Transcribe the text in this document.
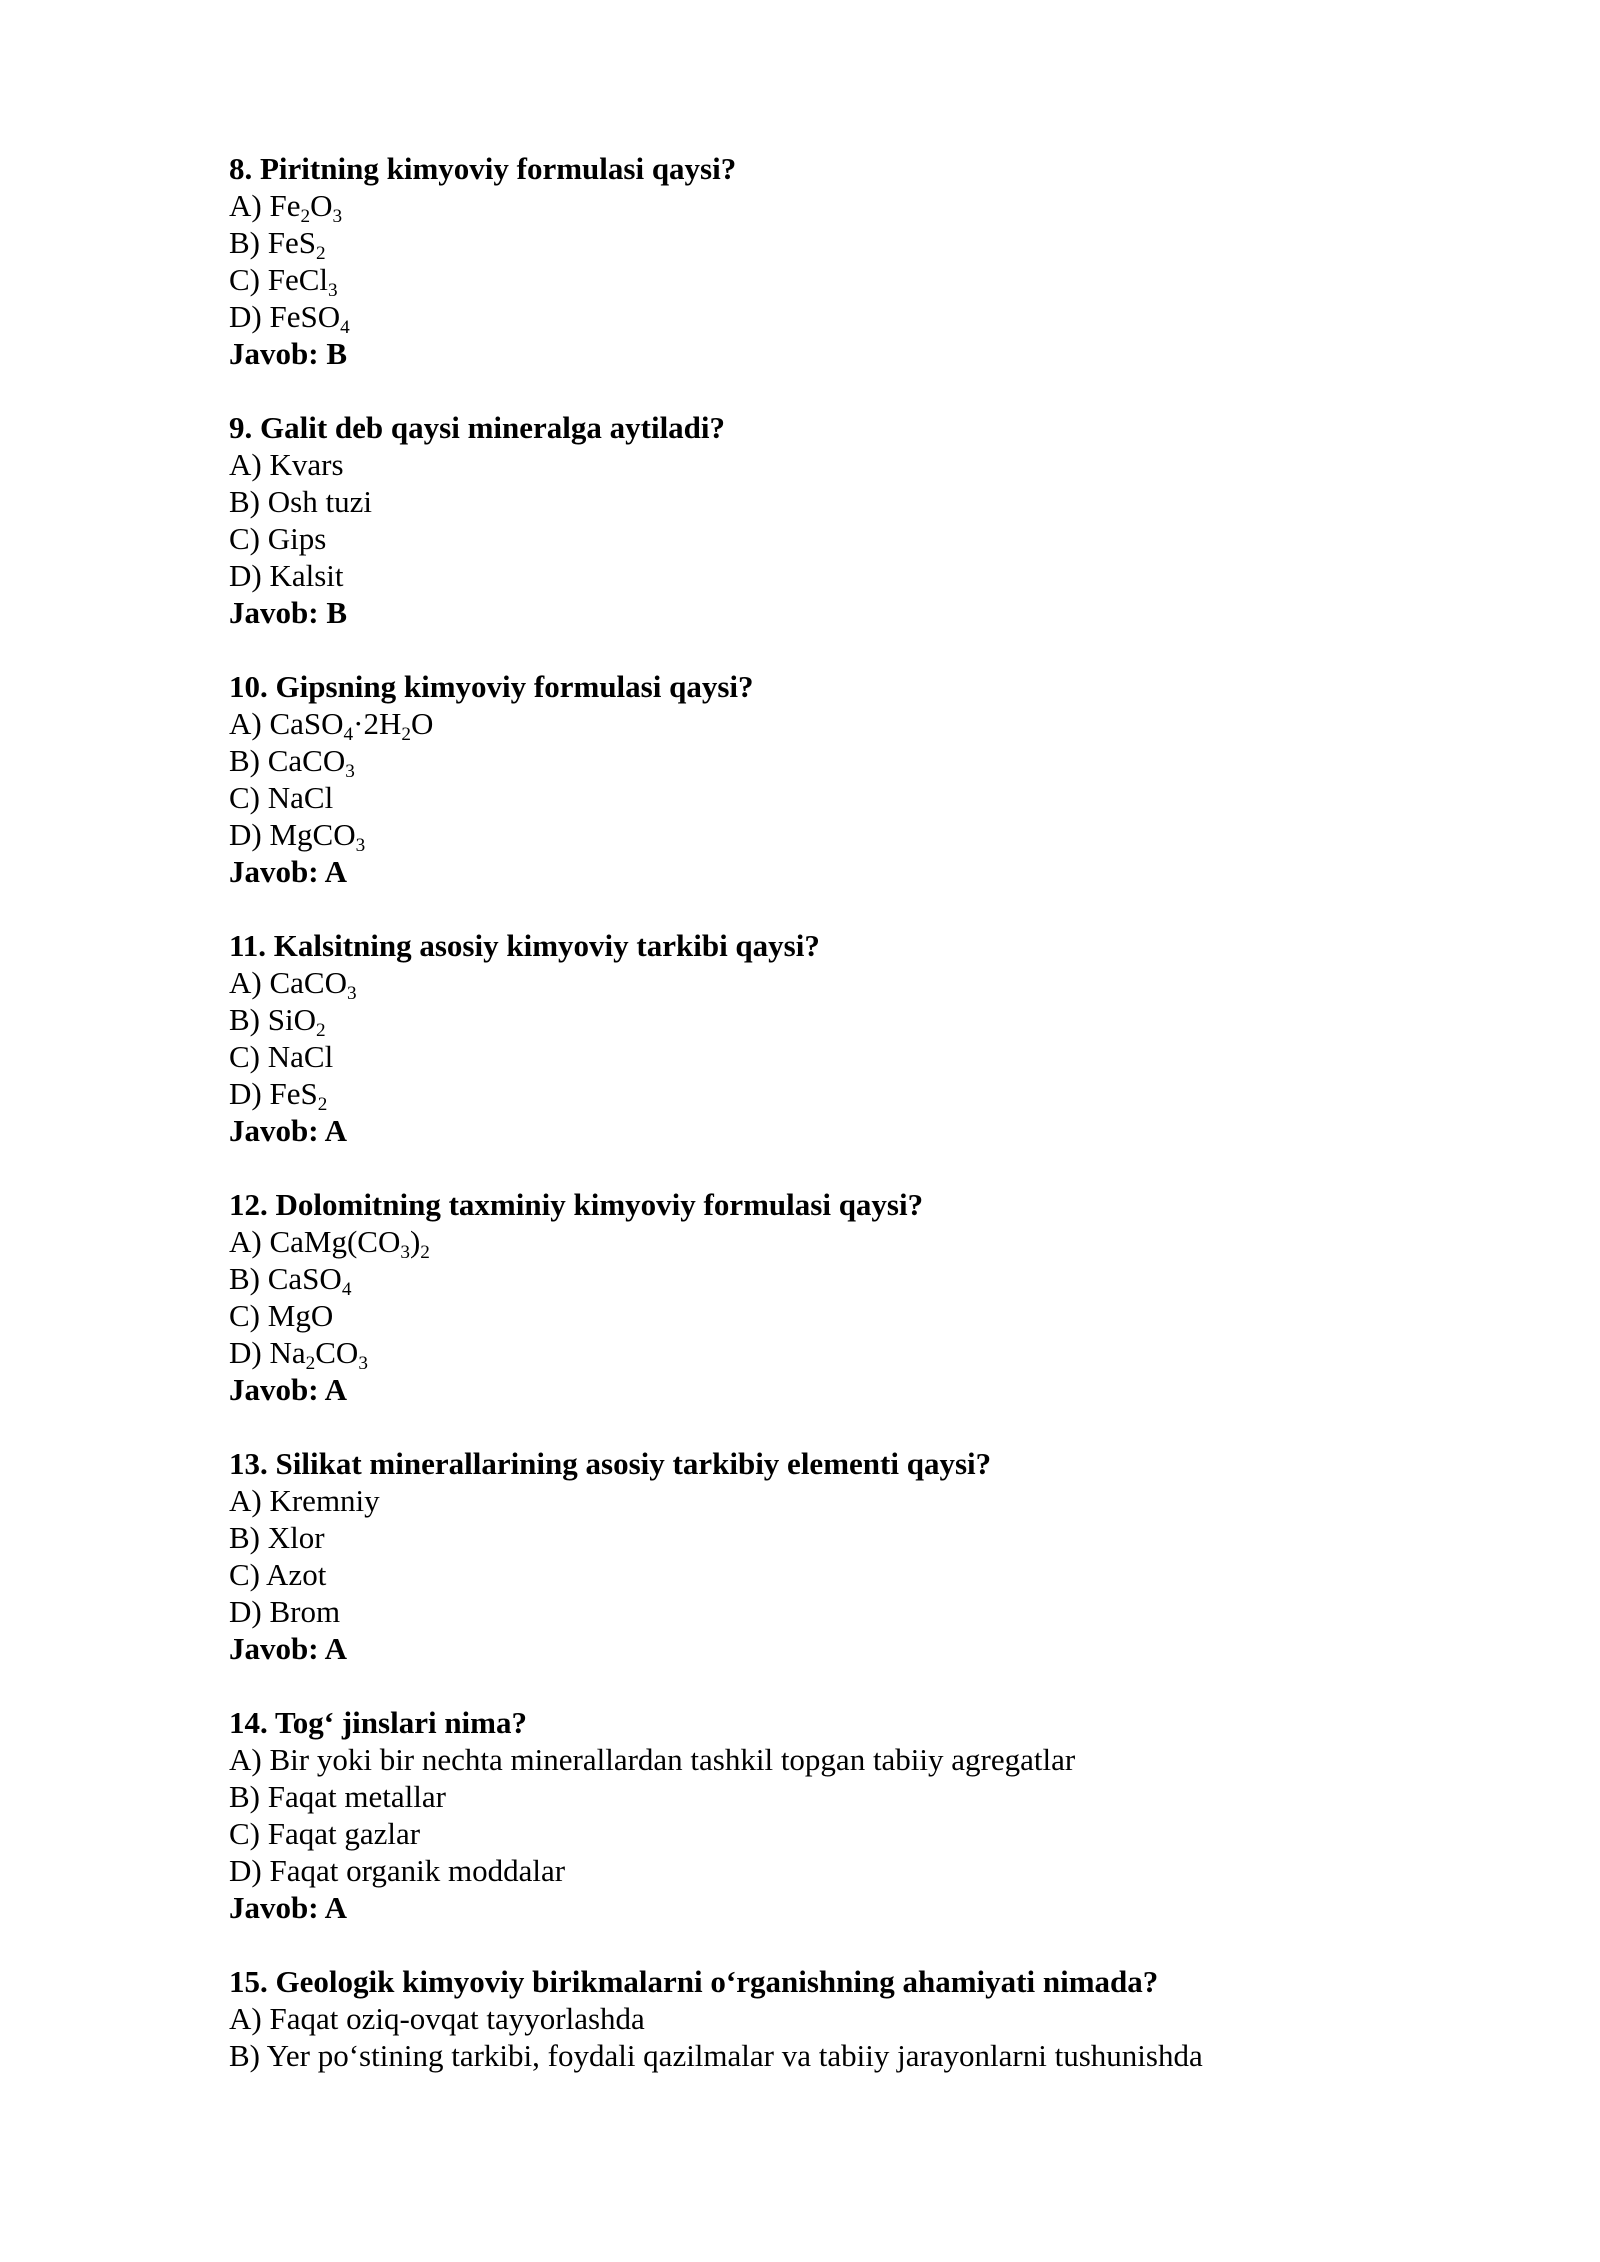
8. Piritning kimyoviy formulasi qaysi?

A) $Fe_2O_3$

B) FeS$_2$

C) FeCl$_3$

D) FeSO$_4$

Javob: B

9. Galit deb qaysi mineralga aytiladi?

A) Kvars

B) Osh tuzi

C) Gips

D) Kalsit

Javob: B

10. Gipsning kimyoviy formulasi qaysi?

A) $CaSO_4\cdot 2H_2O$

B) CaCO$_3$

C) NaCl

D) MgCO$_3$

Javob: A

11. Kalsitning asosiy kimyoviy tarkibi qaysi?

A) CaCO$_3$

B) SiO$_2$

C) NaCl

D) FeS$_2$

Javob: A

12. Dolomitning taxminiy kimyoviy formulasi qaysi?

A) $CaMg(CO_3)_2$

B) CaSO$_4$

C) MgO

D) $Na_2CO_3$

Javob: A

13. Silikat minerallarining asosiy tarkibiy elementi qaysi?

A) Kremniy

B) Xlor

C) Azot

D) Brom

Javob: A

14. Tog‘ jinslari nima?

A) Bir yoki bir nechta minerallardan tashkil topgan tabiiy agregatlar

B) Faqat metallar

C) Faqat gazlar

D) Faqat organik moddalar

Javob: A

15. Geologik kimyoviy birikmalarni o‘rganishning ahamiyati nimada?

A) Faqat oziq-ovqat tayyorlashda

B) Yer po‘stining tarkibi, foydali qazilmalar va tabiiy jarayonlarni tushunishda
